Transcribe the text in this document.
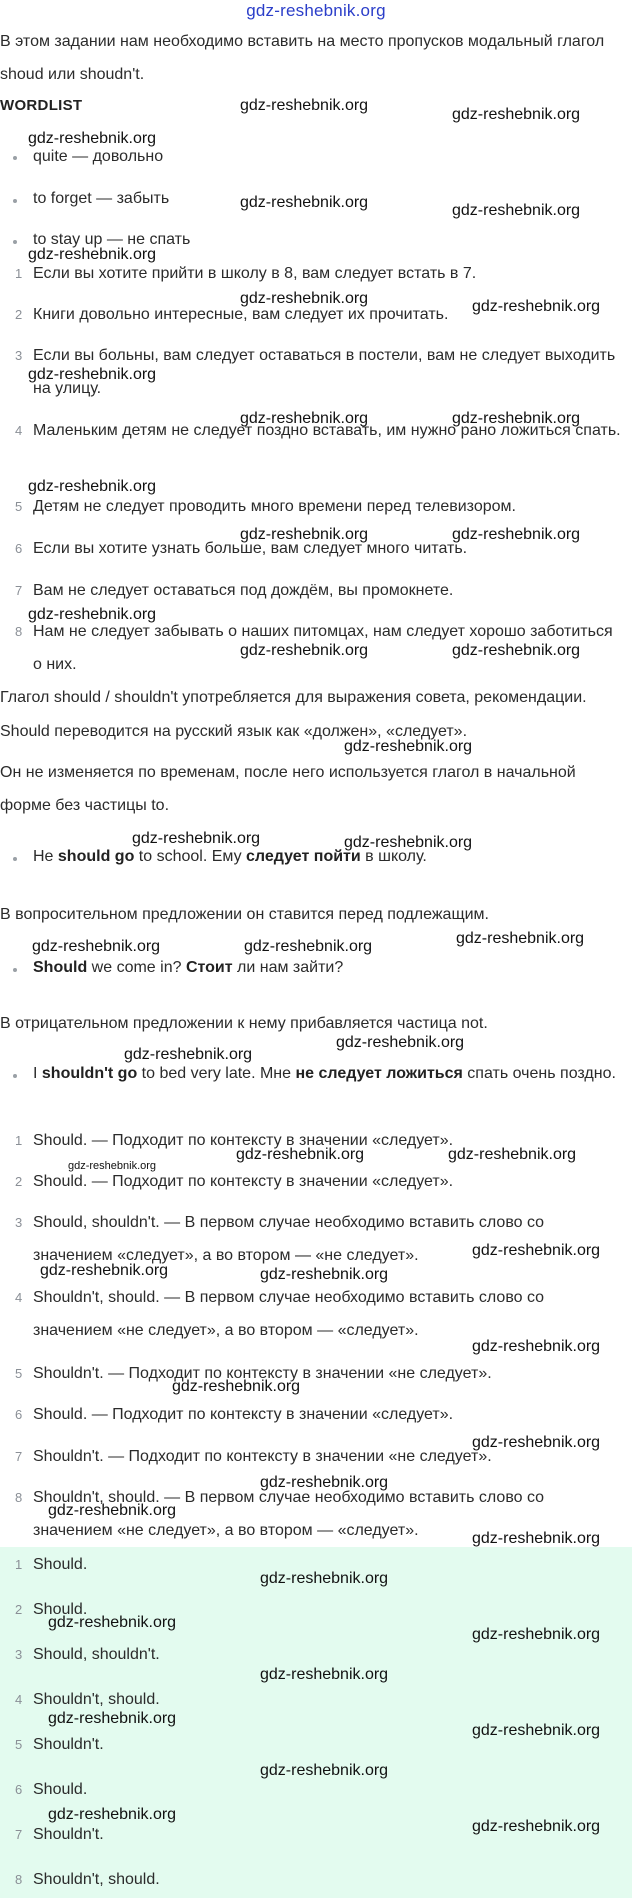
gdz-reshebnik.org

В этом задании нам необходимо вставить на место пропусков модальный глагол shoud или shoudn't.

WORDLIST
quite — довольно
to forget — забыть
to stay up — не спать
1 Если вы хотите прийти в школу в 8, вам следует встать в 7.
2 Книги довольно интересные, вам следует их прочитать.
3 Если вы больны, вам следует оставаться в постели, вам не следует выходить на улицу.
4 Маленьким детям не следует поздно вставать, им нужно рано ложиться спать.
5 Детям не следует проводить много времени перед телевизором.
6 Если вы хотите узнать больше, вам следует много читать.
7 Вам не следует оставаться под дождём, вы промокнете.
8 Нам не следует забывать о наших питомцах, нам следует хорошо заботиться о них.

Глагол should / shouldn't употребляется для выражения совета, рекомендации.

Should переводится на русский язык как «должен», «следует».

Он не изменяется по временам, после него используется глагол в начальной форме без частицы to.

He should go to school. Ему следует пойти в школу.

В вопросительном предложении он ставится перед подлежащим.

Should we come in? Стоит ли нам зайти?

В отрицательном предложении к нему прибавляется частица not.

I shouldn't go to bed very late. Мне не следует ложиться спать очень поздно.
1 Should. — Подходит по контексту в значении «следует».
2 Should. — Подходит по контексту в значении «следует».
3 Should, shouldn't. — В первом случае необходимо вставить слово со значением «следует», а во втором — «не следует».
4 Shouldn't, should. — В первом случае необходимо вставить слово со значением «не следует», а во втором — «следует».
5 Shouldn't. — Подходит по контексту в значении «не следует».
6 Should. — Подходит по контексту в значении «следует».
7 Shouldn't. — Подходит по контексту в значении «не следует».
8 Shouldn't, should. — В первом случае необходимо вставить слово со значением «не следует», а во втором — «следует».
1 Should.
2 Should.
3 Should, shouldn't.
4 Shouldn't, should.
5 Shouldn't.
6 Should.
7 Shouldn't.
8 Shouldn't, should.
gdz-reshebnik.org
gdz-reshebnik.org
gdz-reshebnik.org
gdz-reshebnik.org	gdz-reshebnik.org
gdz-reshebnik.org
gdz-reshebnik.org	gdz-reshebnik.org
gdz-reshebnik.org
gdz-reshebnik.org	gdz-reshebnik.org
gdz-reshebnik.org
gdz-reshebnik.org	gdz-reshebnik.org
gdz-reshebnik.org
gdz-reshebnik.org	gdz-reshebnik.org
gdz-reshebnik.org
gdz-reshebnik.org	gdz-reshebnik.org
gdz-reshebnik.org
gdz-reshebnik.org	gdz-reshebnik.org
gdz-reshebnik.org
gdz-reshebnik.org
gdz-reshebnik.org
gdz-reshebnik.org	gdz-reshebnik.org
gdz-reshebnik.org
gdz-reshebnik.org	gdz-reshebnik.org
gdz-reshebnik.org
gdz-reshebnik.org
gdz-reshebnik.org
gdz-reshebnik.org
gdz-reshebnik.org
gdz-reshebnik.org
gdz-reshebnik.org
gdz-reshebnik.org
gdz-reshebnik.org
gdz-reshebnik.org
gdz-reshebnik.org
gdz-reshebnik.org
gdz-reshebnik.org
gdz-reshebnik.org
gdz-reshebnik.org
